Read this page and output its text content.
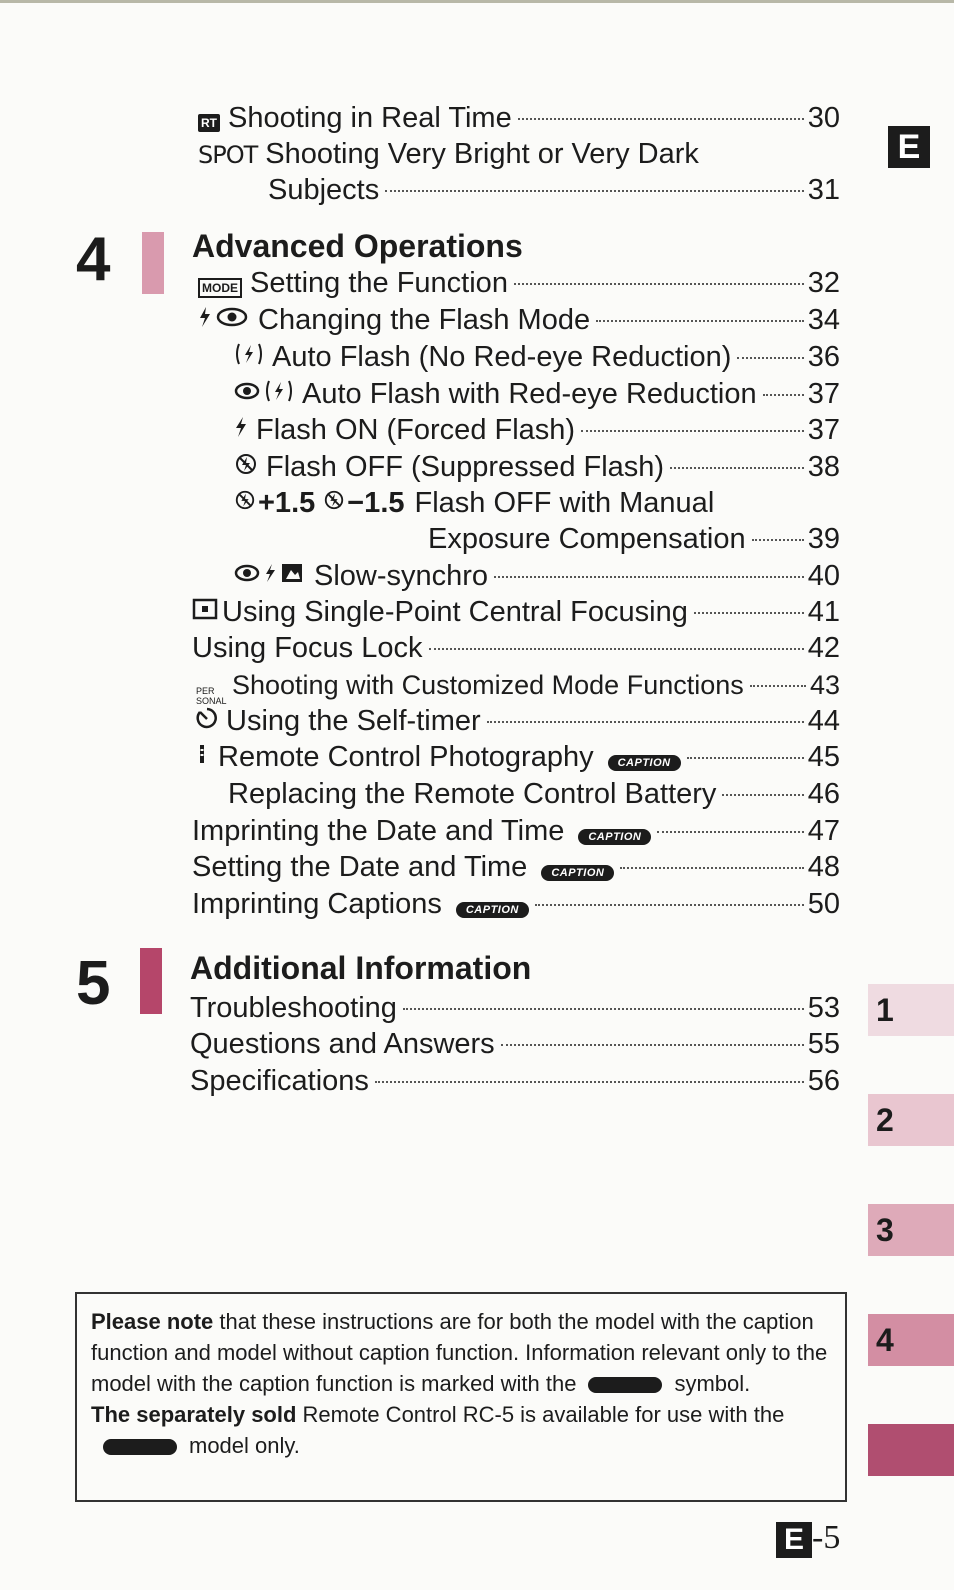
E
RT Shooting in Real Time	30
SPOT Shooting Very Bright or Very Dark
Subjects	31
4	Advanced Operations
MODE Setting the Function	32
Changing the Flash Mode	34
Auto Flash (No Red-eye Reduction)	36
Auto Flash with Red-eye Reduction 37
Flash ON (Forced Flash)	37
Flash OFF (Suppressed Flash)	38
+1.5 −1.5 Flash OFF with Manual
Exposure Compensation 39
Slow-synchro	40
Using Single-Point Central Focusing	41
Using Focus Lock	42
PER SONAL
Shooting with Customized Mode Functions 43
Using the Self-timer	44
Remote Control Photography	CAPTION	45
Replacing the Remote Control Battery	46
Imprinting the Date and Time	CAPTION	47
Setting the Date and Time	CAPTION	48
Imprinting Captions	CAPTION	50
5 Additional Information
Troubleshooting	53
Questions and Answers	55
Specifications	56
1
2
3
4

Please note that these instructions are for both the model with the caption function and model without caption function. Information relevant only to the model with the caption function is marked with the	symbol.

The separately sold Remote Control RC-5 is available for use with themodel only.

E -5
